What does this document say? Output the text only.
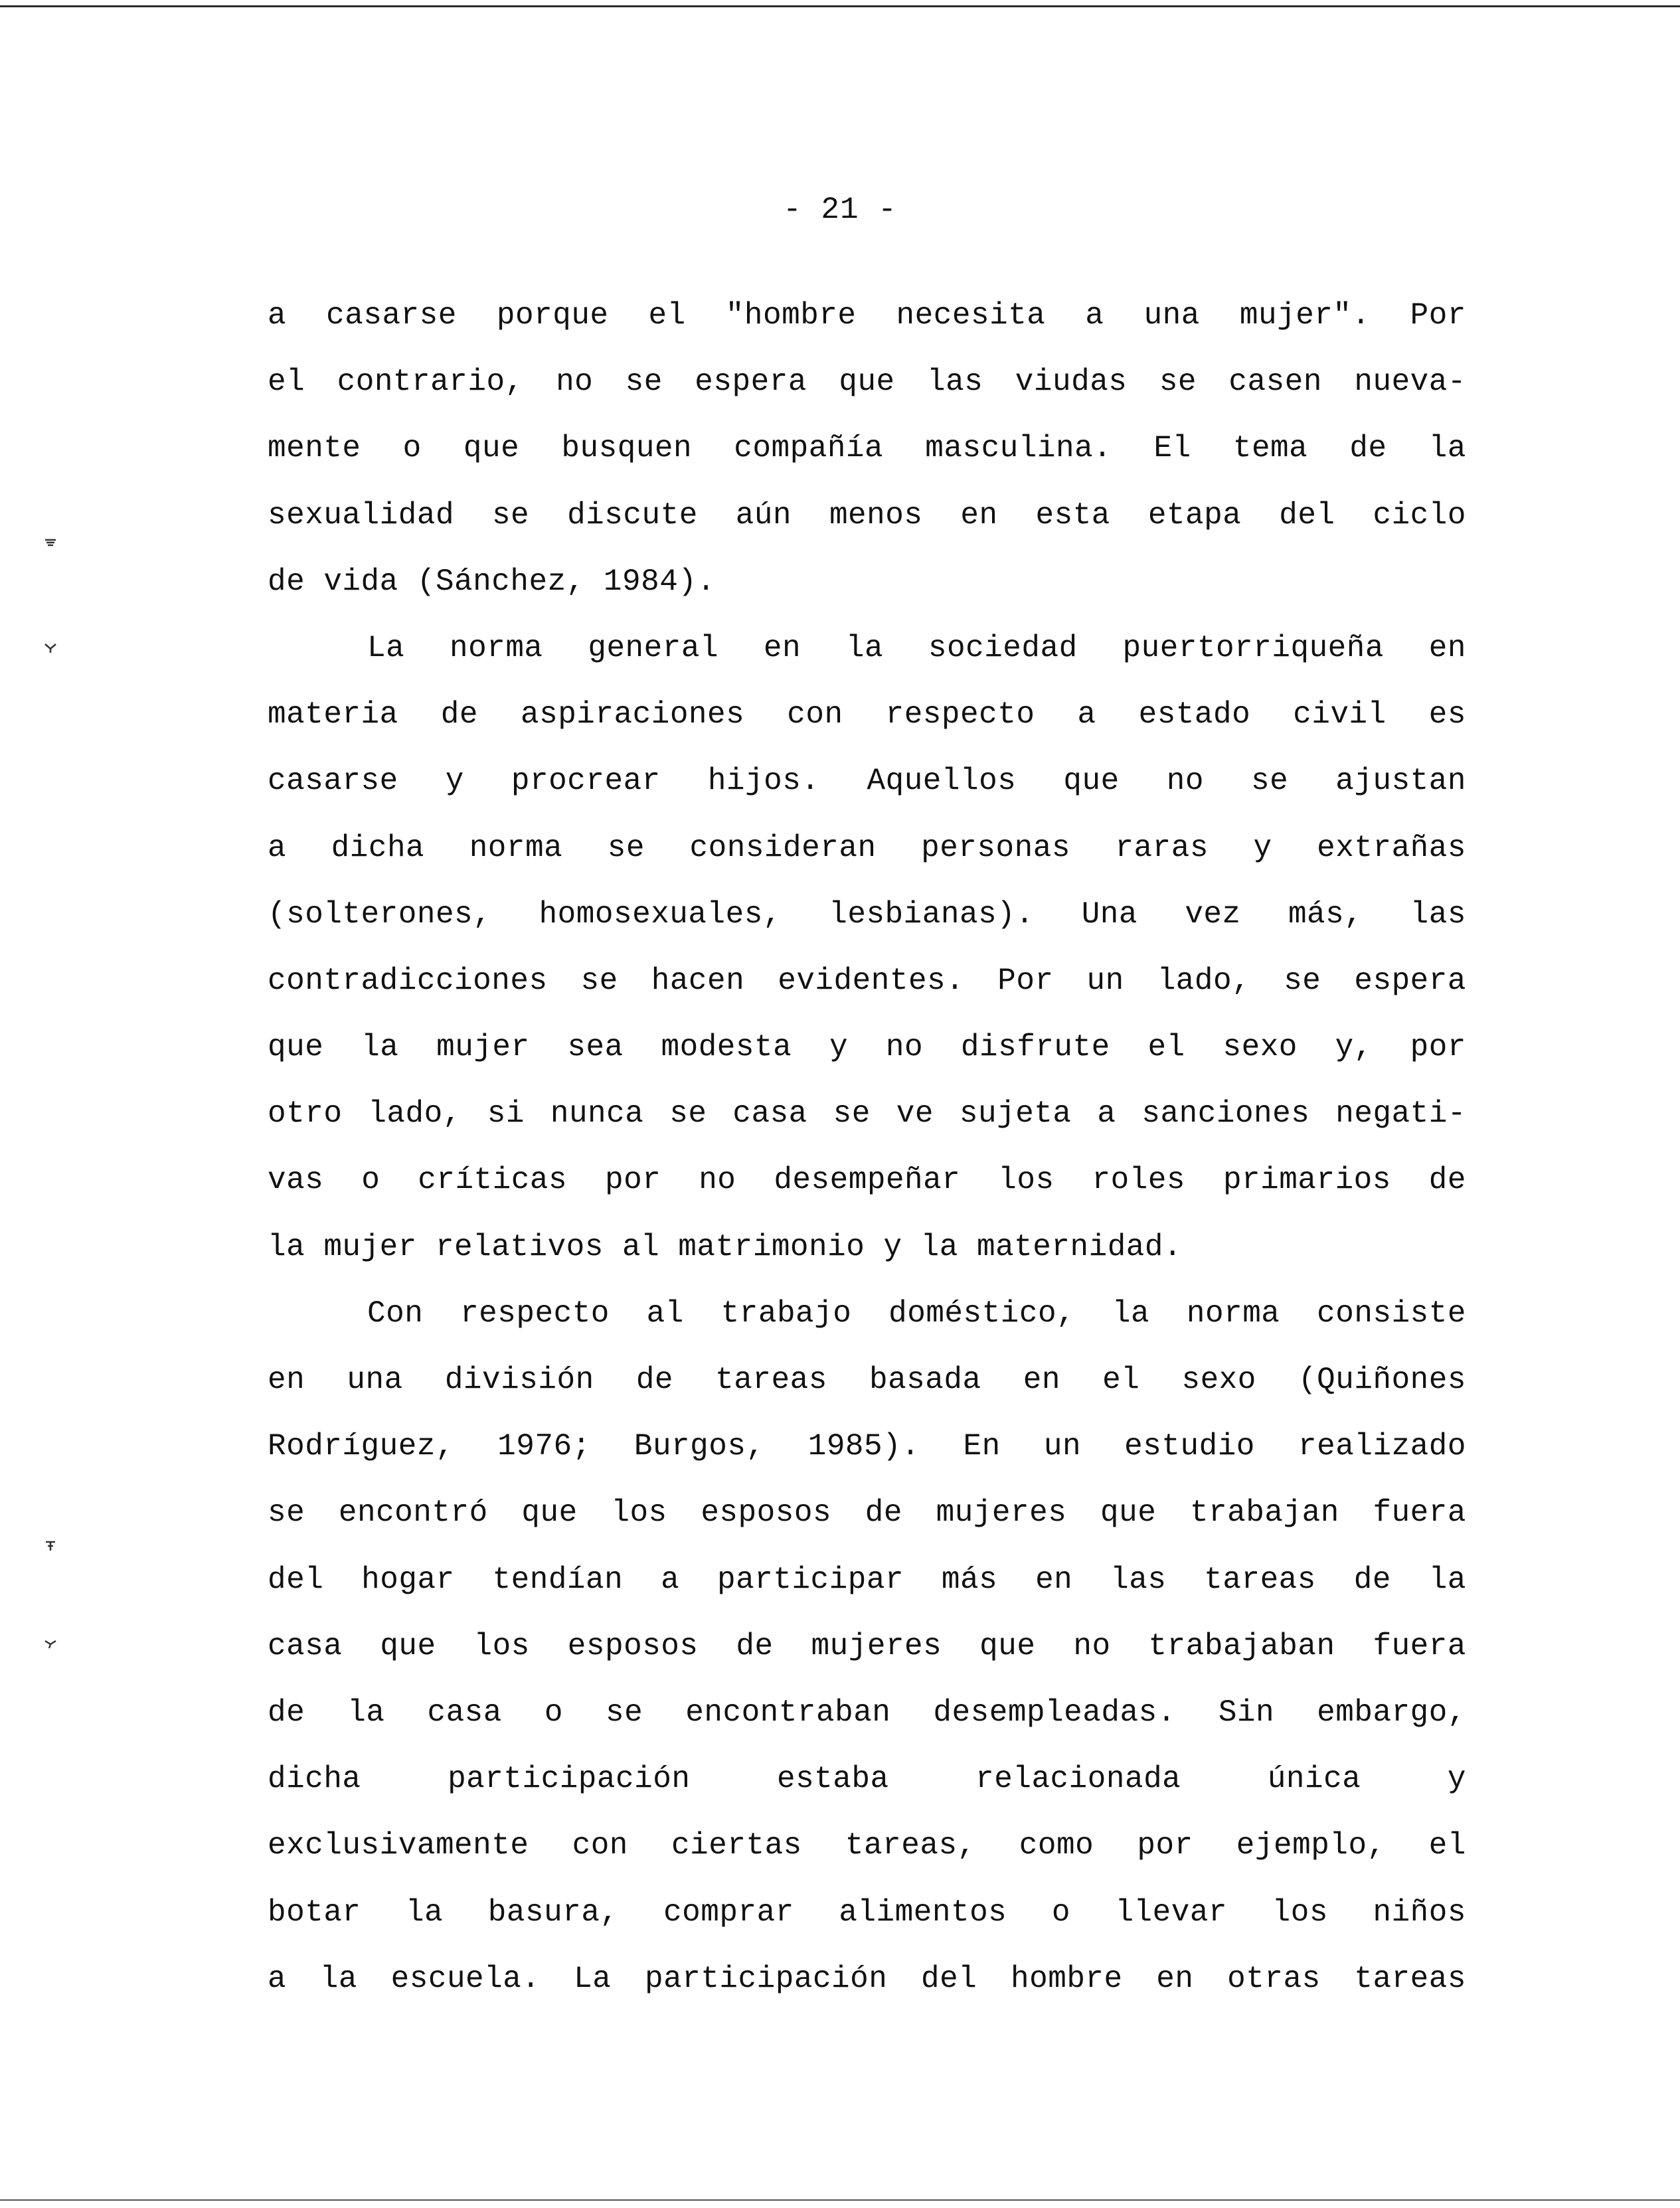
- 21 -
a casarse porque el "hombre necesita a una mujer". Por
el contrario, no se espera que las viudas se casen nueva-
mente o que busquen compañía masculina. El tema de la
sexualidad se discute aún menos en esta etapa del ciclo
de vida (Sánchez, 1984).
La norma general en la sociedad puertorriqueña en
materia de aspiraciones con respecto a estado civil es
casarse y procrear hijos. Aquellos que no se ajustan
a dicha norma se consideran personas raras y extrañas
(solterones, homosexuales, lesbianas). Una vez más, las
contradicciones se hacen evidentes. Por un lado, se espera
que la mujer sea modesta y no disfrute el sexo y, por
otro lado, si nunca se casa se ve sujeta a sanciones negati-
vas o críticas por no desempeñar los roles primarios de
la mujer relativos al matrimonio y la maternidad.
Con respecto al trabajo doméstico, la norma consiste
en una división de tareas basada en el sexo (Quiñones
Rodríguez, 1976; Burgos, 1985). En un estudio realizado
se encontró que los esposos de mujeres que trabajan fuera
del hogar tendían a participar más en las tareas de la
casa que los esposos de mujeres que no trabajaban fuera
de la casa o se encontraban desempleadas. Sin embargo,
dicha participación estaba relacionada única y
exclusivamente con ciertas tareas, como por ejemplo, el
botar la basura, comprar alimentos o llevar los niños
a la escuela. La participación del hombre en otras tareas
